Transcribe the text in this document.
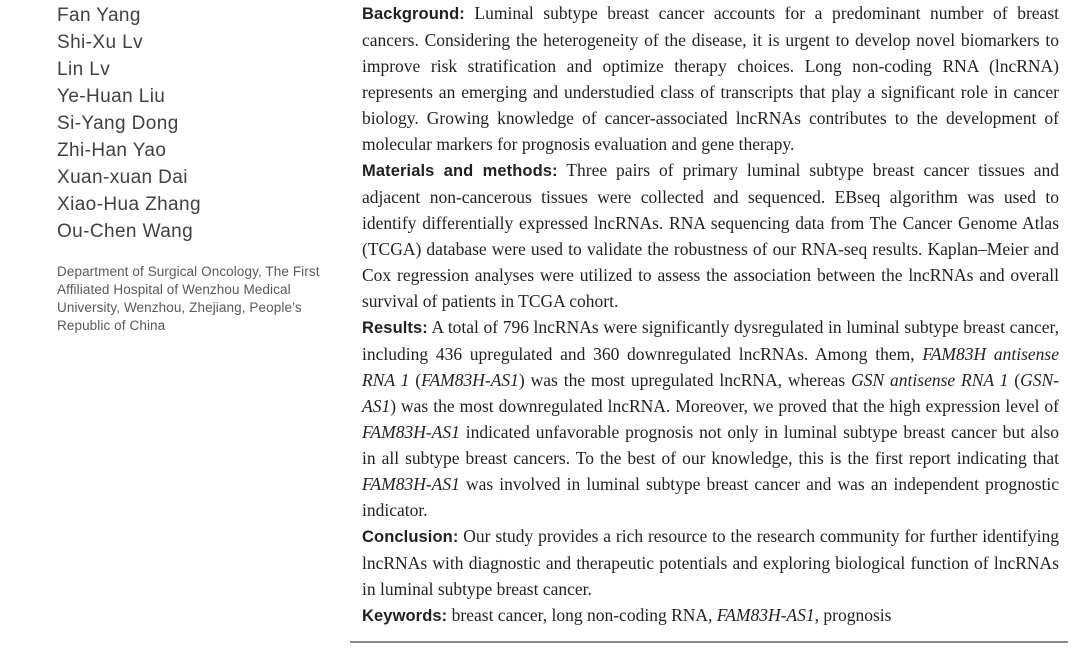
Fan Yang
Shi-Xu Lv
Lin Lv
Ye-Huan Liu
Si-Yang Dong
Zhi-Han Yao
Xuan-xuan Dai
Xiao-Hua Zhang
Ou-Chen Wang
Department of Surgical Oncology, The First Affiliated Hospital of Wenzhou Medical University, Wenzhou, Zhejiang, People’s Republic of China

Background: Luminal subtype breast cancer accounts for a predominant number of breast cancers. Considering the heterogeneity of the disease, it is urgent to develop novel biomarkers to improve risk stratification and optimize therapy choices. Long non-coding RNA (lncRNA) represents an emerging and understudied class of transcripts that play a significant role in cancer biology. Growing knowledge of cancer-associated lncRNAs contributes to the development of molecular markers for prognosis evaluation and gene therapy.

Materials and methods: Three pairs of primary luminal subtype breast cancer tissues and adjacent non-cancerous tissues were collected and sequenced. EBseq algorithm was used to identify differentially expressed lncRNAs. RNA sequencing data from The Cancer Genome Atlas (TCGA) database were used to validate the robustness of our RNA-seq results. Kaplan–Meier and Cox regression analyses were utilized to assess the association between the lncRNAs and overall survival of patients in TCGA cohort.

Results: A total of 796 lncRNAs were significantly dysregulated in luminal subtype breast cancer, including 436 upregulated and 360 downregulated lncRNAs. Among them, FAM83H antisense RNA 1 (FAM83H-AS1) was the most upregulated lncRNA, whereas GSN antisense RNA 1 (GSN-AS1) was the most downregulated lncRNA. Moreover, we proved that the high expression level of FAM83H-AS1 indicated unfavorable prognosis not only in luminal subtype breast cancer but also in all subtype breast cancers. To the best of our knowledge, this is the first report indicating that FAM83H-AS1 was involved in luminal subtype breast cancer and was an independent prognostic indicator.

Conclusion: Our study provides a rich resource to the research community for further identifying lncRNAs with diagnostic and therapeutic potentials and exploring biological function of lncRNAs in luminal subtype breast cancer.

Keywords: breast cancer, long non-coding RNA, FAM83H-AS1, prognosis
